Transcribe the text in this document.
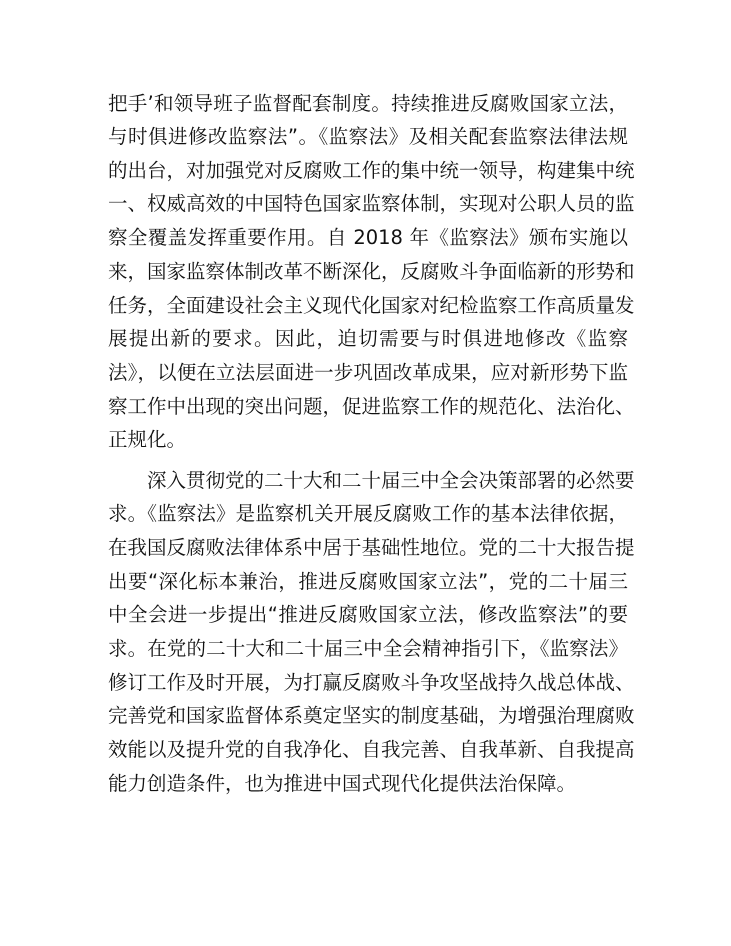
把手’和领导班子监督配套制度。持续推进反腐败国家立法，
与时俱进修改监察法”。《监察法》及相关配套监察法律法规
的出台，对加强党对反腐败工作的集中统一领导，构建集中统
一、权威高效的中国特色国家监察体制，实现对公职人员的监
察全覆盖发挥重要作用。自 2018 年《监察法》颁布实施以
来，国家监察体制改革不断深化，反腐败斗争面临新的形势和
任务，全面建设社会主义现代化国家对纪检监察工作高质量发
展提出新的要求。因此，迫切需要与时俱进地修改《监察
法》，以便在立法层面进一步巩固改革成果，应对新形势下监
察工作中出现的突出问题，促进监察工作的规范化、法治化、
正规化。
深入贯彻党的二十大和二十届三中全会决策部署的必然要
求。《监察法》是监察机关开展反腐败工作的基本法律依据，
在我国反腐败法律体系中居于基础性地位。党的二十大报告提
出要“深化标本兼治，推进反腐败国家立法”，党的二十届三
中全会进一步提出“推进反腐败国家立法，修改监察法”的要
求。在党的二十大和二十届三中全会精神指引下，《监察法》
修订工作及时开展，为打赢反腐败斗争攻坚战持久战总体战、
完善党和国家监督体系奠定坚实的制度基础，为增强治理腐败
效能以及提升党的自我净化、自我完善、自我革新、自我提高
能力创造条件，也为推进中国式现代化提供法治保障。
